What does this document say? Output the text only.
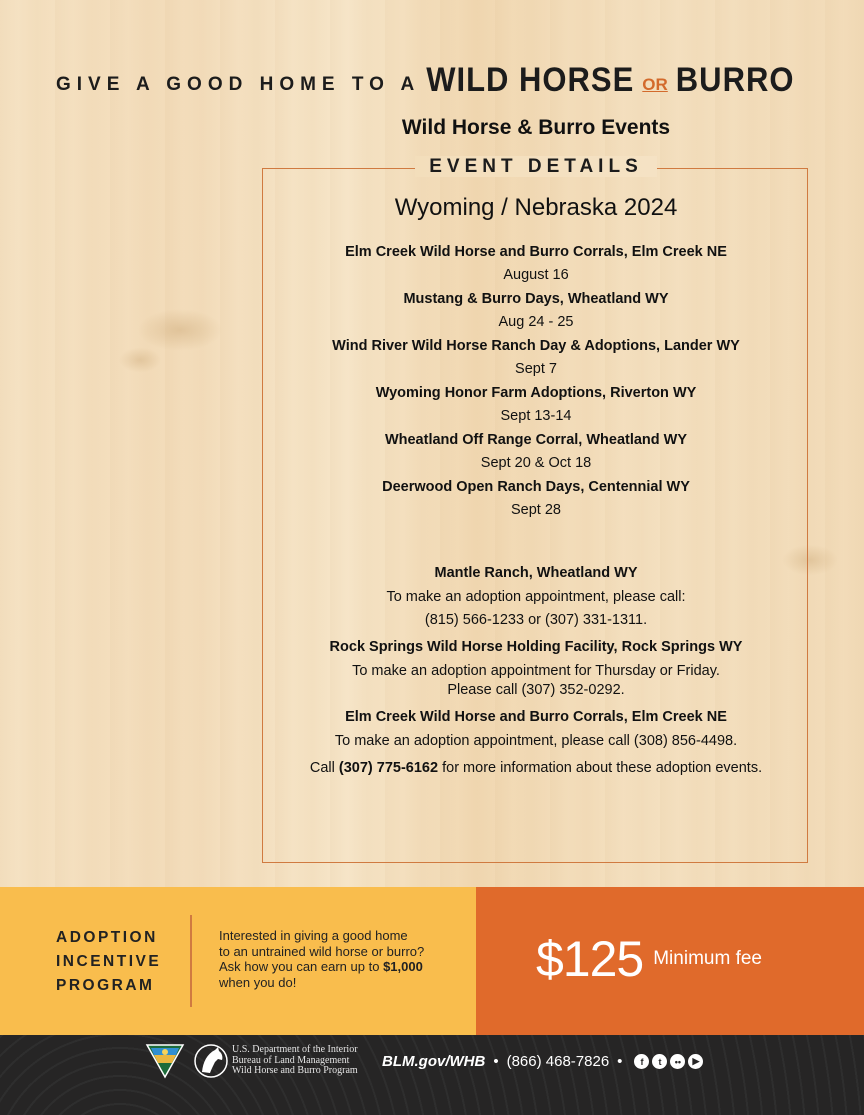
GIVE A GOOD HOME TO A WILD HORSE OR BURRO
Wild Horse & Burro Events
EVENT DETAILS
Wyoming / Nebraska 2024
Elm Creek Wild Horse and Burro Corrals, Elm Creek NE
August 16
Mustang & Burro Days, Wheatland WY
Aug 24 - 25
Wind River Wild Horse Ranch Day & Adoptions, Lander WY
Sept 7
Wyoming Honor Farm Adoptions, Riverton WY
Sept 13-14
Wheatland Off Range Corral, Wheatland WY
Sept 20 & Oct 18
Deerwood Open Ranch Days, Centennial WY
Sept 28
Mantle Ranch, Wheatland WY
To make an adoption appointment, please call:
(815) 566-1233 or (307) 331-1311.
Rock Springs Wild Horse Holding Facility, Rock Springs WY
To make an adoption appointment for Thursday or Friday.
Please call (307) 352-0292.
Elm Creek Wild Horse and Burro Corrals, Elm Creek NE
To make an adoption appointment, please call (308) 856-4498.
Call (307) 775-6162 for more information about these adoption events.
ADOPTION
INCENTIVE
PROGRAM
Interested in giving a good home
to an untrained wild horse or burro?
Ask how you can earn up to $1,000
when you do!	$125 Minimum fee
U.S. Department of the Interior
Bureau of Land Management
Wild Horse and Burro Program
BLM.gov/WHB • (866) 468-7826 •	f	t	••	▶
